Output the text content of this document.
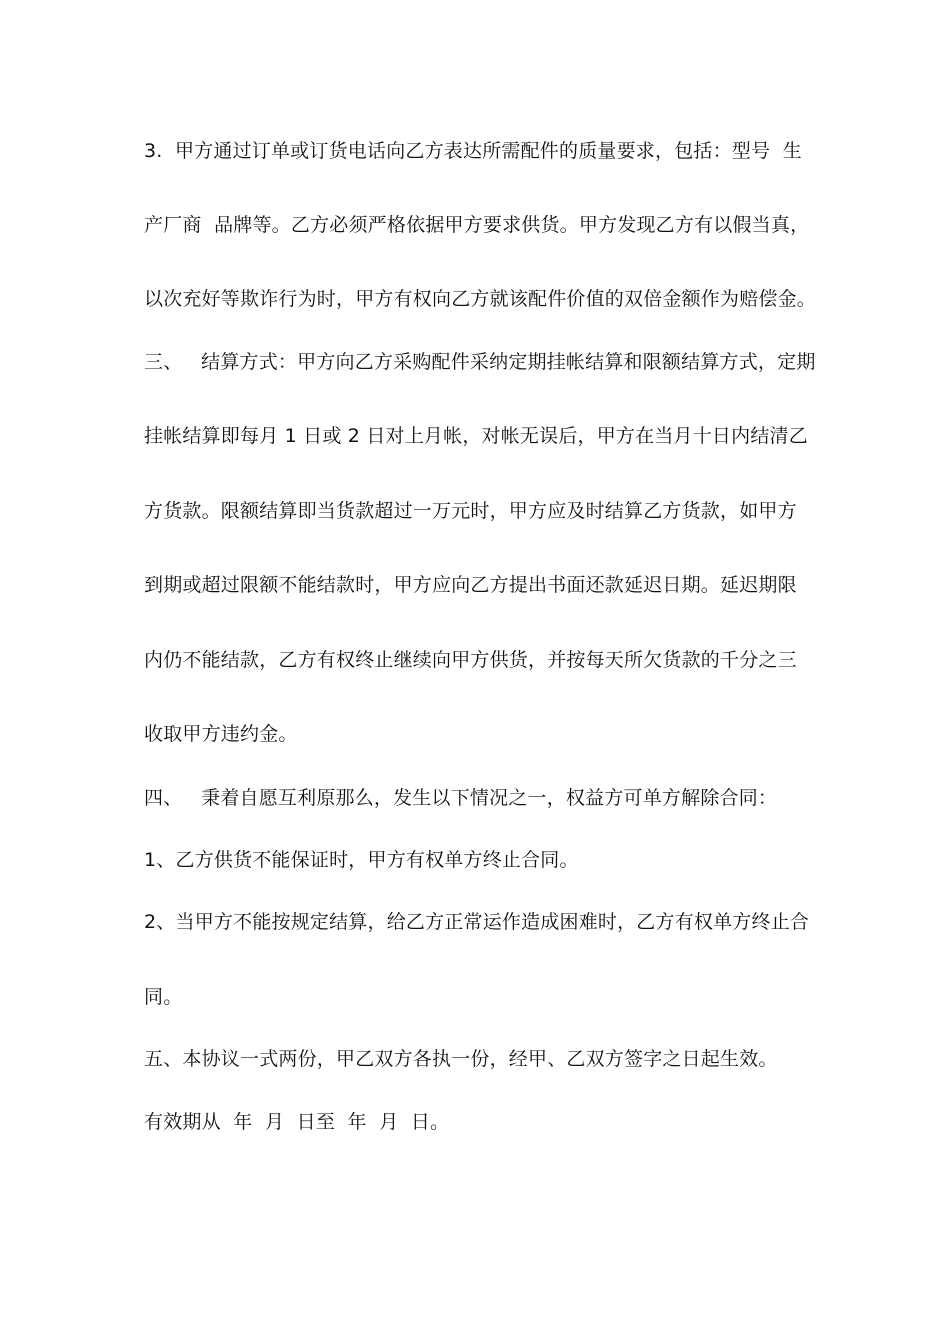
3.  甲方通过订单或订货电话向乙方表达所需配件的质量要求，包括：型号  生
产厂商  品牌等。乙方必须严格依据甲方要求供货。甲方发现乙方有以假当真，
以次充好等欺诈行为时，甲方有权向乙方就该配件价值的双倍金额作为赔偿金。
三、   结算方式：甲方向乙方采购配件采纳定期挂帐结算和限额结算方式，定期
挂帐结算即每月 1 日或 2 日对上月帐，对帐无误后，甲方在当月十日内结清乙
方货款。限额结算即当货款超过一万元时，甲方应及时结算乙方货款，如甲方
到期或超过限额不能结款时，甲方应向乙方提出书面还款延迟日期。延迟期限
内仍不能结款，乙方有权终止继续向甲方供货，并按每天所欠货款的千分之三
收取甲方违约金。
四、   秉着自愿互利原那么，发生以下情况之一，权益方可单方解除合同：
1、乙方供货不能保证时，甲方有权单方终止合同。
2、当甲方不能按规定结算，给乙方正常运作造成困难时，乙方有权单方终止合
同。
五、本协议一式两份，甲乙双方各执一份，经甲、乙双方签字之日起生效。
有效期从  年  月  日至  年  月  日。
